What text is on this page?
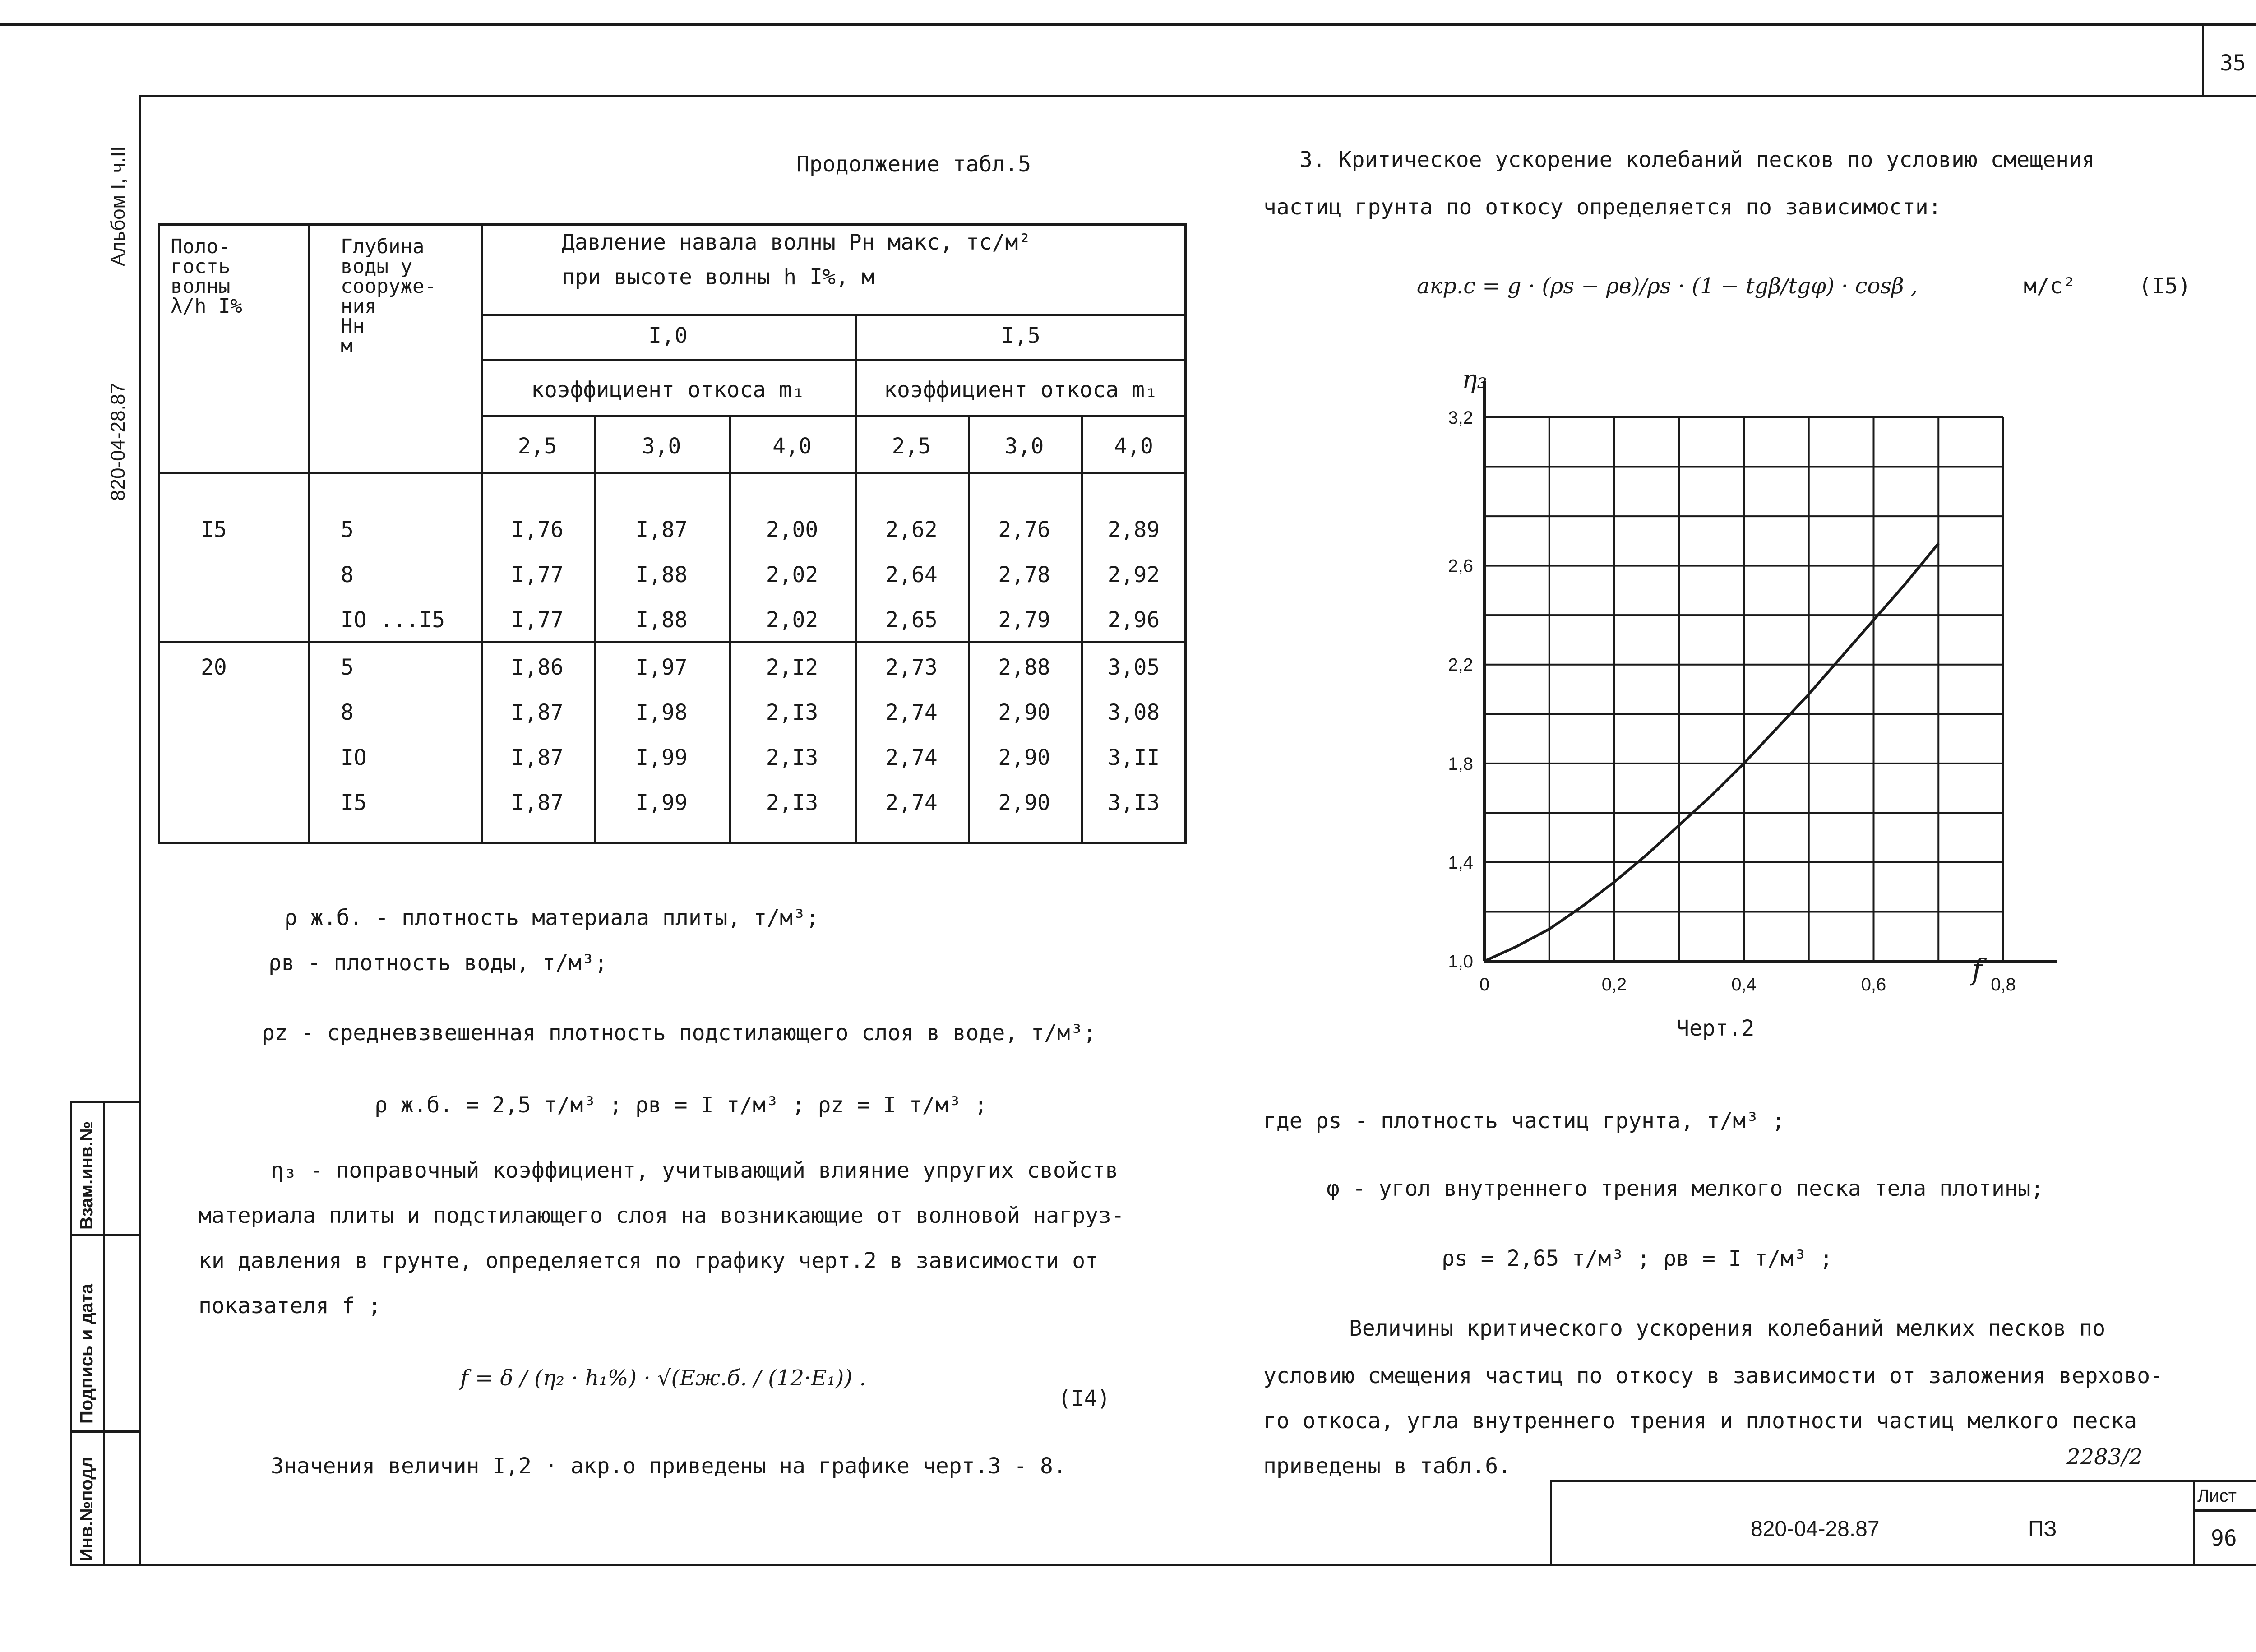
35
Альбом I, ч.II
820-04-28.87
Взам.инв.№
Подпись и дата
Инв.№подл
Продолжение табл.5
Поло-
гость
волны
λ/h I%
Глубина
воды у
сооруже-
ния
Hн
м
Давление навала волны Pн макс, тс/м²
при высоте волны h I%, м
I,0	I,5
коэффициент откоса m₁	коэффициент откоса m₁
2,5	3,0	4,0	2,5	3,0	4,0
I5	5	I,76	I,87	2,00	2,62	2,76	2,89
8	I,77	I,88	2,02	2,64	2,78	2,92
IO ...I5	I,77	I,88	2,02	2,65	2,79	2,96
20	5	I,86	I,97	2,I2	2,73	2,88	3,05
8	I,87	I,98	2,I3	2,74	2,90	3,08
IO	I,87	I,99	2,I3	2,74	2,90	3,II
I5	I,87	I,99	2,I3	2,74	2,90	3,I3
ρ ж.б. - плотность материала плиты, т/м³;
ρв - плотность воды, т/м³;
ρz - средневзвешенная плотность подстилающего слоя в воде, т/м³;
ρ ж.б. = 2,5 т/м³ ; ρв = I т/м³ ; ρz = I т/м³ ;
η₃ - поправочный коэффициент, учитывающий влияние упругих свойств
материала плиты и подстилающего слоя на возникающие от волновой нагруз-
ки давления в грунте, определяется по графику черт.2 в зависимости от
показателя f ;
f = δ / (η₂ · h₁%) · √(Eж.б. / (12·E₁)) .
(I4)
Значения величин I,2 · aкр.о приведены на графике черт.3 - 8.
3. Критическое ускорение колебаний песков по условию смещения
частиц грунта по откосу определяется по зависимости:
aкр.с = g · (ρs − ρв)/ρs · (1 − tgβ/tgφ) · cosβ ,	м/с²	(I5)
0	0,2	0,4	0,6	0,8
1,0
1,4
1,8
2,2
2,6
3,2
η₃
f
Черт.2
где ρs - плотность частиц грунта, т/м³ ;
φ - угол внутреннего трения мелкого песка тела плотины;
ρs = 2,65 т/м³ ; ρв = I т/м³ ;
Величины критического ускорения колебаний мелких песков по
условию смещения частиц по откосу в зависимости от заложения верхово-
го откоса, угла внутреннего трения и плотности частиц мелкого песка
приведены в табл.6.	2283/2
820-04-28.87	ПЗ
Лист
96
